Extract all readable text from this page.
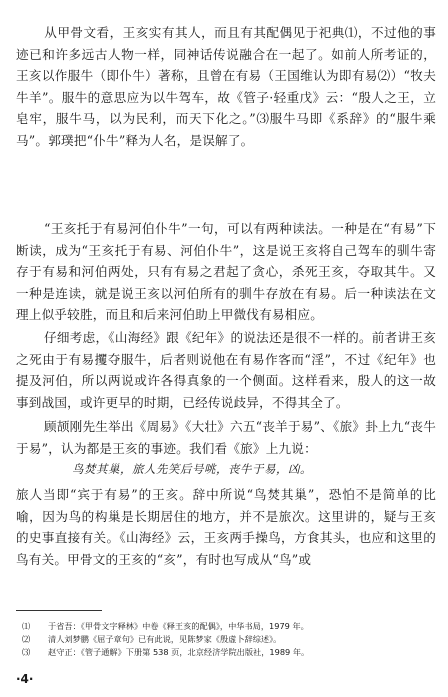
从甲骨文看，王亥实有其人，而且有其配偶见于祀典⑴，不过他的事迹已和许多远古人物一样，同神话传说融合在一起了。如前人所考证的，王亥以作服牛（即仆牛）著称，且曾在有易（王国维认为即有易⑵）“牧夫牛羊”。服牛的意思应为以牛驾车，故《管子·轻重戊》云：“殷人之王，立皂牢，服牛马，以为民利，而天下化之。”⑶服牛马即《系辞》的“服牛乘马”。郭璞把“仆牛”释为人名，是误解了。

“王亥托于有易河伯仆牛”一句，可以有两种读法。一种是在“有易”下断读，成为“王亥托于有易、河伯仆牛”，这是说王亥将自己驾车的驯牛寄存于有易和河伯两处，只有有易之君起了贪心，杀死王亥，夺取其牛。又一种是连读，就是说王亥以河伯所有的驯牛存放在有易。后一种读法在文理上似乎较胜，而且和后来河伯助上甲微伐有易相应。

仔细考虑，《山海经》跟《纪年》的说法还是很不一样的。前者讲王亥之死由于有易攫夺服牛，后者则说他在有易作客而“淫”，不过《纪年》也提及河伯，所以两说或许各得真象的一个侧面。这样看来，殷人的这一故事到战国，或许更早的时期，已经传说歧异，不得其全了。

顾颉刚先生举出《周易》《大壮》六五“丧羊于易”、《旅》卦上九“丧牛于易”，认为都是王亥的事迹。我们看《旅》上九说：

鸟焚其巢，旅人先笑后号咷，丧牛于易，凶。

旅人当即“宾于有易”的王亥。辞中所说“鸟焚其巢”，恐怕不是简单的比喻，因为鸟的构巢是长期居住的地方，并不是旅次。这里讲的，疑与王亥的史事直接有关。《山海经》云，王亥两手操鸟，方食其头，也应和这里的鸟有关。甲骨文的王亥的“亥”，有时也写成从“鸟”或

⑴	于省吾：《甲骨文字释林》中卷《释王亥的配偶》，中华书局，1979 年。
⑵	清人刘梦鹏《屈子章句》已有此说，见陈梦家《殷虚卜辞综述》。
⑶	赵守正：《管子通解》下册第 538 页，北京经济学院出版社，1989 年。
·4·
